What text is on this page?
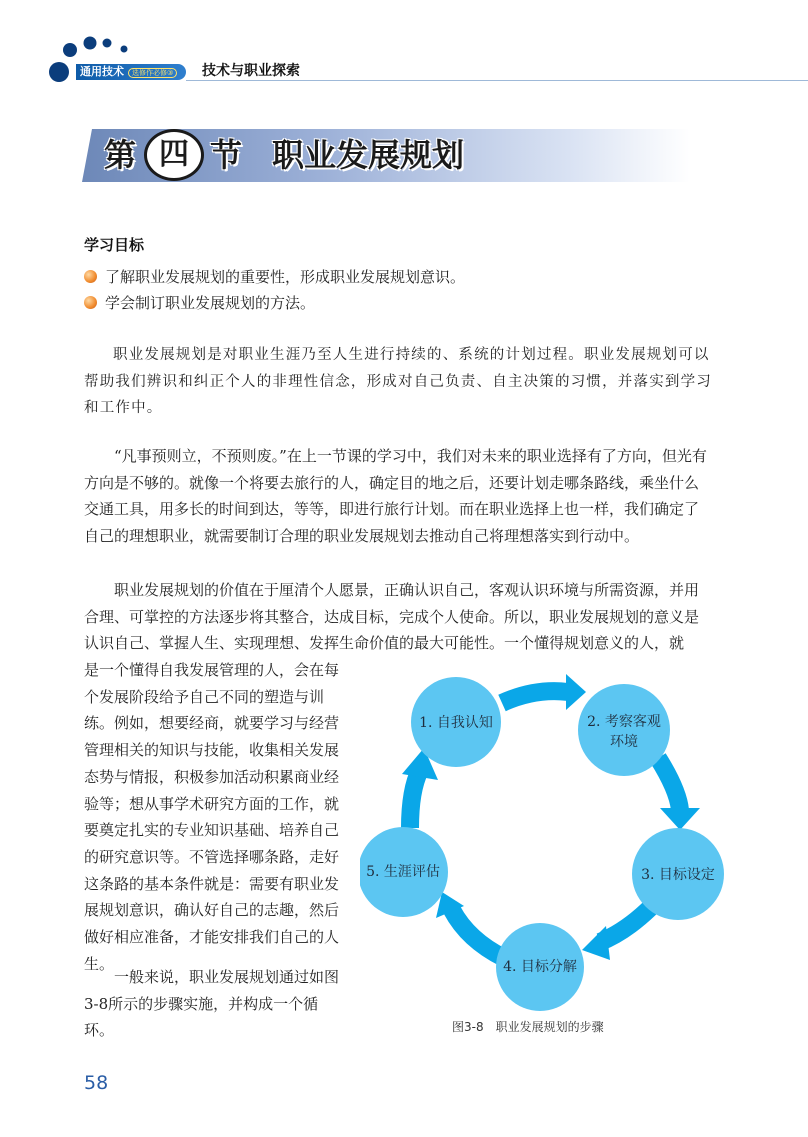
通用技术 选修作必修③ 技术与职业探索
第 四 节 职业发展规划
学习目标
了解职业发展规划的重要性，形成职业发展规划意识。
学会制订职业发展规划的方法。

职业发展规划是对职业生涯乃至人生进行持续的、系统的计划过程。职业发展规划可以帮助我们辨识和纠正个人的非理性信念，形成对自己负责、自主决策的习惯，并落实到学习和工作中。

“凡事预则立，不预则废。”在上一节课的学习中，我们对未来的职业选择有了方向，但光有方向是不够的。就像一个将要去旅行的人，确定目的地之后，还要计划走哪条路线，乘坐什么交通工具，用多长的时间到达，等等，即进行旅行计划。而在职业选择上也一样，我们确定了自己的理想职业，就需要制订合理的职业发展规划去推动自己将理想落实到行动中。

职业发展规划的价值在于厘清个人愿景，正确认识自己，客观认识环境与所需资源，并用合理、可掌控的方法逐步将其整合，达成目标，完成个人使命。所以，职业发展规划的意义是认识自己、掌握人生、实现理想、发挥生命价值的最大可能性。一个懂得规划意义的人，就

是一个懂得自我发展管理的人，会在每个发展阶段给予自己不同的塑造与训练。例如，想要经商，就要学习与经营管理相关的知识与技能，收集相关发展态势与情报，积极参加活动积累商业经验等；想从事学术研究方面的工作，就要奠定扎实的专业知识基础、培养自己的研究意识等。不管选择哪条路，走好这条路的基本条件就是：需要有职业发展规划意识，确认好自己的志趣，然后做好相应准备，才能安排我们自己的人生。

一般来说，职业发展规划通过如图3-8所示的步骤实施，并构成一个循环。

1. 自我认知	2. 考察客观
环境
3. 目标设定
4. 目标分解
5. 生涯评估
图3-8　职业发展规划的步骤
58
